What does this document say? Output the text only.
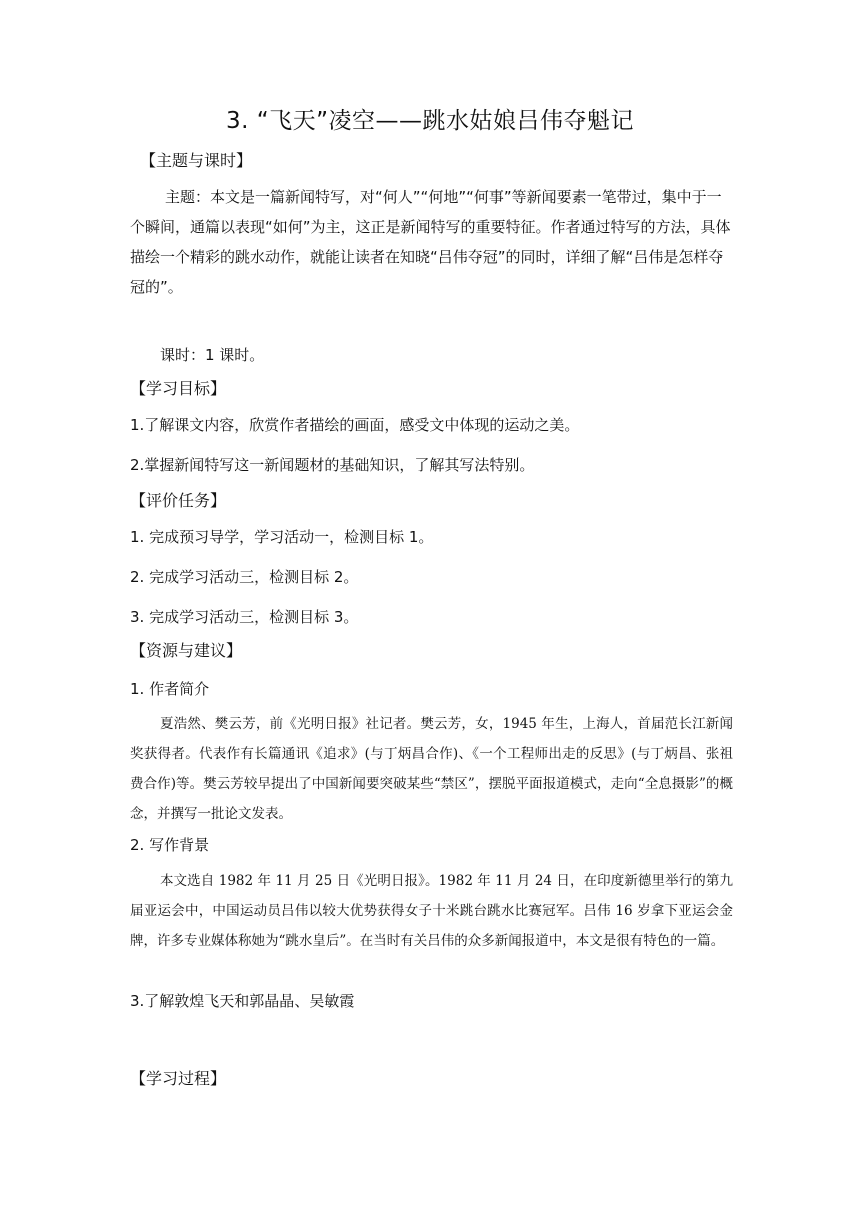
3. “飞天”凌空——跳水姑娘吕伟夺魁记

【主题与课时】

主题：本文是一篇新闻特写，对“何人”“何地”“何事”等新闻要素一笔带过，集中于一个瞬间，通篇以表现“如何”为主，这正是新闻特写的重要特征。作者通过特写的方法，具体描绘一个精彩的跳水动作，就能让读者在知晓“吕伟夺冠”的同时，详细了解“吕伟是怎样夺冠的”。

课时：1 课时。

【学习目标】

1.了解课文内容，欣赏作者描绘的画面，感受文中体现的运动之美。

2.掌握新闻特写这一新闻题材的基础知识，了解其写法特别。

【评价任务】

1. 完成预习导学，学习活动一，检测目标 1。

2. 完成学习活动三，检测目标 2。

3. 完成学习活动三，检测目标 3。

【资源与建议】

1. 作者简介

夏浩然、樊云芳，前《光明日报》社记者。樊云芳，女，1945 年生，上海人，首届范长江新闻奖获得者。代表作有长篇通讯《追求》(与丁炳昌合作)、《一个工程师出走的反思》(与丁炳昌、张祖费合作)等。樊云芳较早提出了中国新闻要突破某些“禁区”，摆脱平面报道模式，走向“全息摄影”的概念，并撰写一批论文发表。

2. 写作背景

本文选自 1982 年 11 月 25 日《光明日报》。1982 年 11 月 24 日，在印度新德里举行的第九届亚运会中，中国运动员吕伟以较大优势获得女子十米跳台跳水比赛冠军。吕伟 16 岁拿下亚运会金牌，许多专业媒体称她为“跳水皇后”。在当时有关吕伟的众多新闻报道中，本文是很有特色的一篇。

3.了解敦煌飞天和郭晶晶、吴敏霞

【学习过程】
